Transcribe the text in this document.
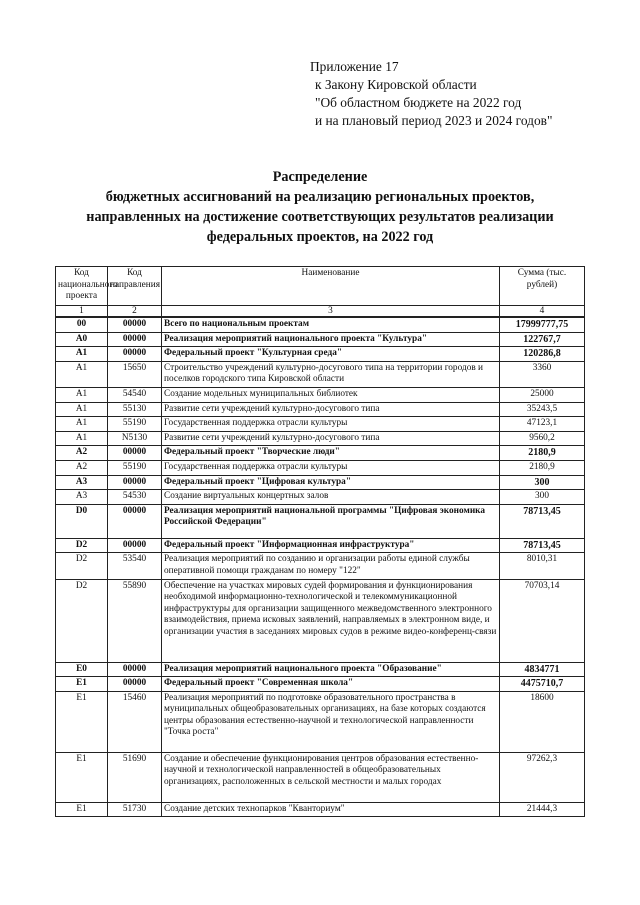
Приложение 17
к Закону Кировской области
"Об областном бюджете на 2022 год
и на плановый период 2023 и 2024 годов"
Распределение
бюджетных ассигнований на реализацию региональных проектов,
направленных на достижение соответствующих результатов реализации
федеральных проектов, на 2022 год
Код национального проекта	Код направления	Наименование	Сумма (тыс. рублей)
1	2	3	4
00	00000	Всего по национальным проектам	17999777,75
A0	00000	Реализация мероприятий национального проекта "Культура"	122767,7
A1	00000	Федеральный проект "Культурная среда"	120286,8
A1	15650	Строительство учреждений культурно-досугового типа на территории городов и поселков городского типа Кировской области	3360
A1	54540	Создание модельных муниципальных библиотек	25000
A1	55130	Развитие сети учреждений культурно-досугового типа	35243,5
A1	55190	Государственная поддержка отрасли культуры	47123,1
A1	N5130	Развитие сети учреждений культурно-досугового типа	9560,2
A2	00000	Федеральный проект "Творческие люди"	2180,9
A2	55190	Государственная поддержка отрасли культуры	2180,9
A3	00000	Федеральный проект "Цифровая культура"	300
A3	54530	Создание виртуальных концертных залов	300
D0	00000	Реализация мероприятий национальной программы "Цифровая экономика Российской Федерации"	78713,45
D2	00000	Федеральный проект "Информационная инфраструктура"	78713,45
D2	53540	Реализация мероприятий по созданию и организации работы единой службы оперативной помощи гражданам по номеру "122"	8010,31
D2	55890	Обеспечение на участках мировых судей формирования и функционирования необходимой информационно-технологической и телекоммуникационной инфраструктуры для организации защищенного межведомственного электронного взаимодействия, приема исковых заявлений, направляемых в электронном виде, и организации участия в заседаниях мировых судов в режиме видео-конференц-связи	70703,14
E0	00000	Реализация мероприятий национального проекта "Образование"	4834771
E1	00000	Федеральный проект "Современная школа"	4475710,7
E1	15460	Реализация мероприятий по подготовке образовательного пространства в муниципальных общеобразовательных организациях, на базе которых создаются центры образования естественно-научной и технологической направленности "Точка роста"	18600
E1	51690	Создание и обеспечение функционирования центров образования естественно-научной и технологической направленностей в общеобразовательных организациях, расположенных в сельской местности и малых городах	97262,3
E1	51730	Создание детских технопарков "Кванториум"	21444,3
